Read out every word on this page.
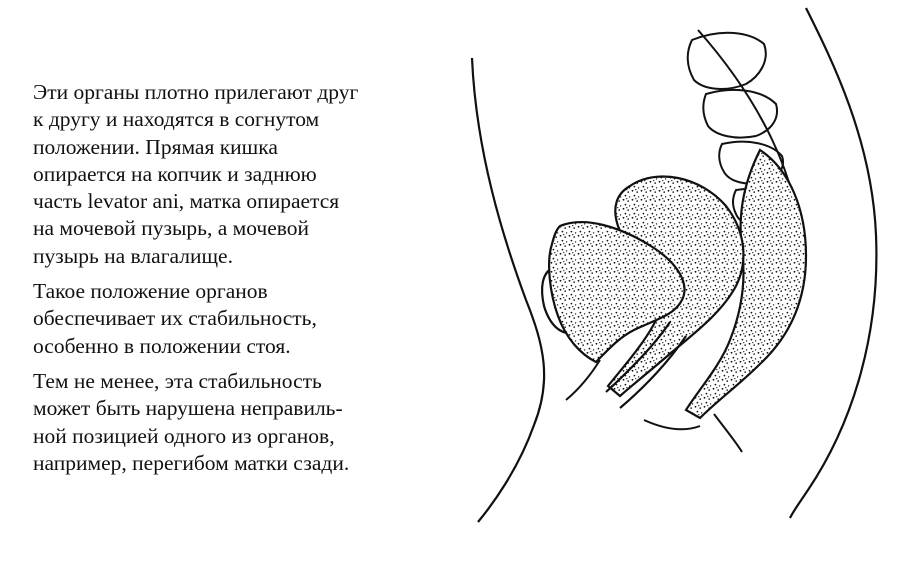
Эти органы плотно прилегают друг
к другу и находятся в согнутом
положении. Прямая кишка
опирается на копчик и заднюю
часть levator ani, матка опирается
на мочевой пузырь, а мочевой
пузырь на влагалище.

Такое положение органов
обеспечивает их стабильность,
особенно в положении стоя.

Тем не менее, эта стабильность
может быть нарушена неправиль-
ной позицией одного из органов,
например, перегибом матки сзади.
